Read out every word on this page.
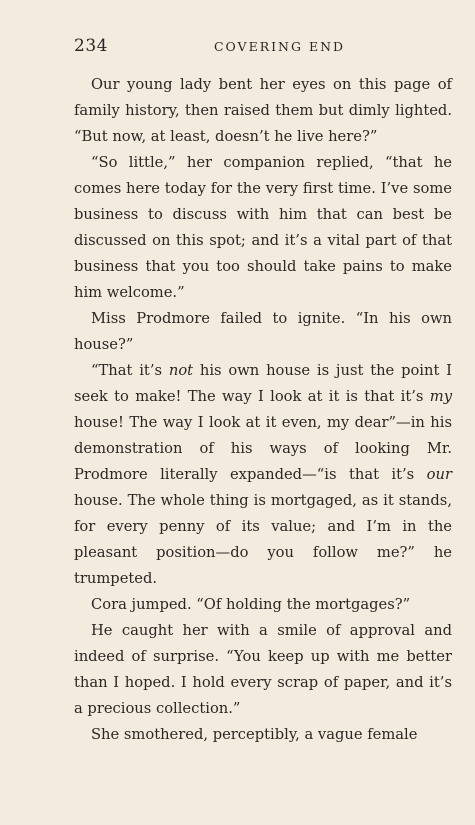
234	COVERING END

Our young lady bent her eyes on this page of family history, then raised them but dimly lighted. “But now, at least, doesn’t he live here?”

“So little,” her companion replied, “that he comes here today for the very first time. I’ve some business to discuss with him that can best be discussed on this spot; and it’s a vital part of that business that you too should take pains to make him welcome.”

Miss Prodmore failed to ignite. “In his own house?”

“That it’s not his own house is just the point I seek to make! The way I look at it is that it’s my house! The way I look at it even, my dear”—in his demonstration of his ways of looking Mr. Prodmore literally expanded—“is that it’s our house. The whole thing is mortgaged, as it stands, for every penny of its value; and I’m in the pleasant position—do you follow me?” he trumpeted.

Cora jumped. “Of holding the mortgages?”

He caught her with a smile of approval and indeed of surprise. “You keep up with me better than I hoped. I hold every scrap of paper, and it’s a precious collection.”

She smothered, perceptibly, a vague female
